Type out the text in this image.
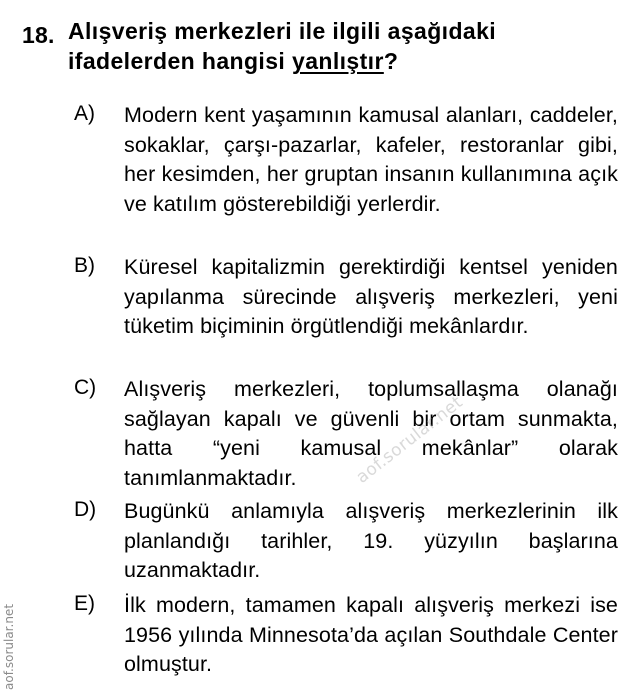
18. Alışveriş merkezleri ile ilgili aşağıdaki ifadelerden hangisi yanlıştır?
A) Modern kent yaşamının kamusal alanları, caddeler, sokaklar, çarşı-pazarlar, kafeler, restoranlar gibi, her kesimden, her gruptan insanın kullanımına açık ve katılım gösterebildiği yerlerdir.
B) Küresel kapitalizmin gerektirdiği kentsel yeniden yapılanma sürecinde alışveriş merkezleri, yeni tüketim biçiminin örgütlendiği mekânlardır.
C) Alışveriş merkezleri, toplumsallaşma olanağı sağlayan kapalı ve güvenli bir ortam sunmakta, hatta “yeni kamusal mekânlar” olarak tanımlanmaktadır.
D) Bugünkü anlamıyla alışveriş merkezlerinin ilk planlandığı tarihler, 19. yüzyılın başlarına uzanmaktadır.
E) İlk modern, tamamen kapalı alışveriş merkezi ise 1956 yılında Minnesota’da açılan Southdale Center olmuştur.
aof.sorular.net
aof.sorular.net
